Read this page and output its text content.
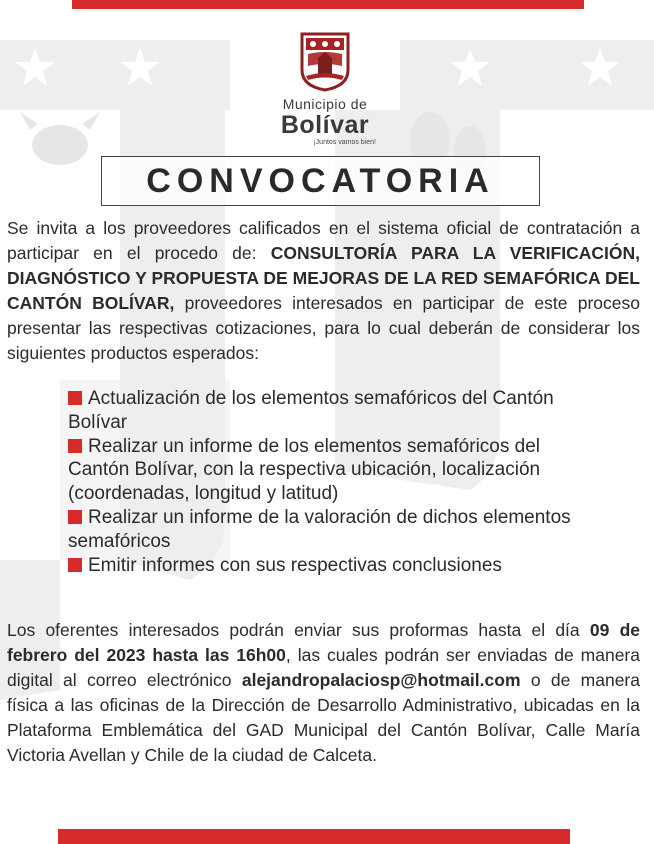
Municipio de
Bolívar
¡Juntos vamos bien!
CONVOCATORIA
Se invita a los proveedores calificados en el sistema oficial de contratación a participar en el procedo de: CONSULTORÍA PARA LA VERIFICACIÓN, DIAGNÓSTICO Y PROPUESTA DE MEJORAS DE LA RED SEMAFÓRICA DEL CANTÓN BOLÍVAR, proveedores interesados en participar de este proceso presentar las respectivas cotizaciones, para lo cual deberán de considerar los siguientes productos esperados:
Actualización de los elementos semafóricos del Cantón Bolívar
Realizar un informe de los elementos semafóricos del Cantón Bolívar, con la respectiva ubicación, localización (coordenadas, longitud y latitud)
Realizar un informe de la valoración de dichos elementos semafóricos
Emitir informes con sus respectivas conclusiones
Los oferentes interesados podrán enviar sus proformas hasta el día 09 de febrero del 2023 hasta las 16h00, las cuales podrán ser enviadas de manera digital al correo electrónico alejandropalaciosp@hotmail.com o de manera física a las oficinas de la Dirección de Desarrollo Administrativo, ubicadas en la Plataforma Emblemática del GAD Municipal del Cantón Bolívar, Calle María Victoria Avellan y Chile de la ciudad de Calceta.
